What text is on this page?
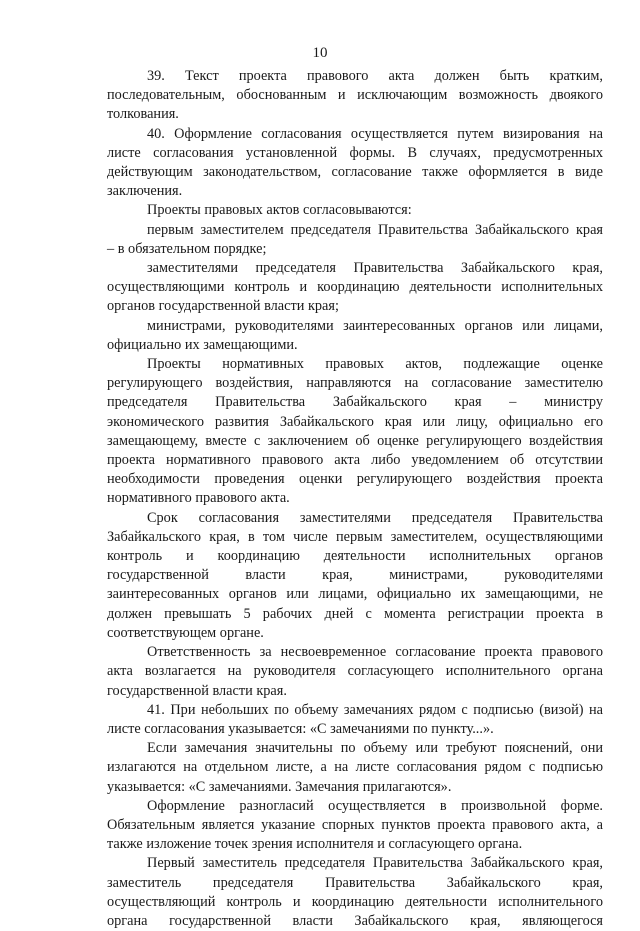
10
39. Текст проекта правового акта должен быть кратким,
последовательным, обоснованным и исключающим возможность двоякого
толкования.
40. Оформление согласования осуществляется путем визирования на
листе согласования установленной формы. В случаях, предусмотренных
действующим законодательством, согласование также оформляется в виде
заключения.
Проекты правовых актов согласовываются:
первым заместителем председателя Правительства Забайкальского края
– в обязательном порядке;
заместителями председателя Правительства Забайкальского края,
осуществляющими контроль и координацию деятельности исполнительных
органов государственной власти края;
министрами, руководителями заинтересованных органов или лицами,
официально их замещающими.
Проекты нормативных правовых актов, подлежащие оценке
регулирующего воздействия, направляются на согласование заместителю
председателя Правительства Забайкальского края – министру
экономического развития Забайкальского края или лицу, официально его
замещающему, вместе с заключением об оценке регулирующего воздействия
проекта нормативного правового акта либо уведомлением об отсутствии
необходимости проведения оценки регулирующего воздействия проекта
нормативного правового акта.
Срок согласования заместителями председателя Правительства
Забайкальского края, в том числе первым заместителем, осуществляющими
контроль и координацию деятельности исполнительных органов
государственной власти края, министрами, руководителями
заинтересованных органов или лицами, официально их замещающими, не
должен превышать 5 рабочих дней с момента регистрации проекта в
соответствующем органе.
Ответственность за несвоевременное согласование проекта правового
акта возлагается на руководителя согласующего исполнительного органа
государственной власти края.
41. При небольших по объему замечаниях рядом с подписью (визой) на
листе согласования указывается: «С замечаниями по пункту...».
Если замечания значительны по объему или требуют пояснений, они
излагаются на отдельном листе, а на листе согласования рядом с подписью
указывается: «С замечаниями. Замечания прилагаются».
Оформление разногласий осуществляется в произвольной форме.
Обязательным является указание спорных пунктов проекта правового акта, а
также изложение точек зрения исполнителя и согласующего органа.
Первый заместитель председателя Правительства Забайкальского края,
заместитель председателя Правительства Забайкальского края,
осуществляющий контроль и координацию деятельности исполнительного
органа государственной власти Забайкальского края, являющегося
